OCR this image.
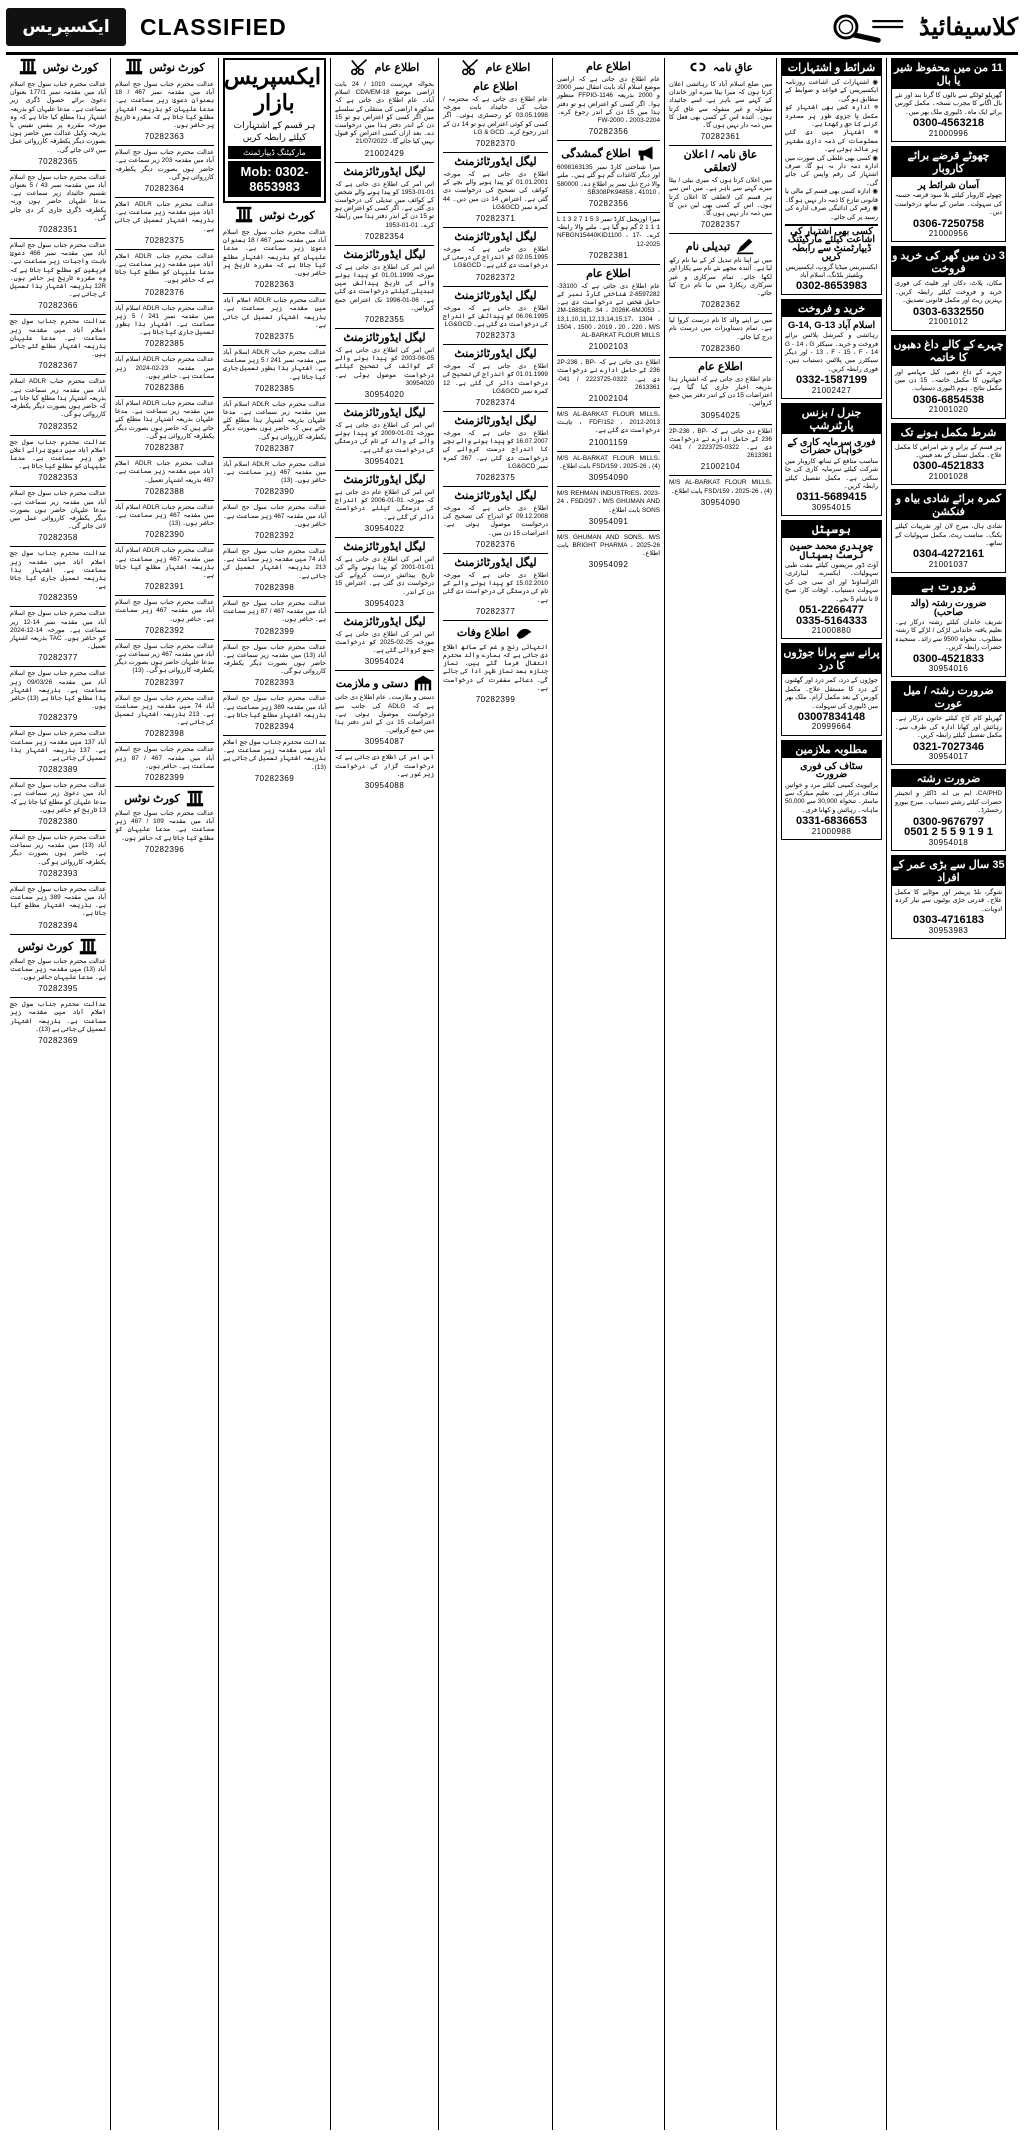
ایکسپریس CLASSIFIED	کلاسیفائیڈ
کورٹ نوٹس
عدالت محترم جناب سول جج اسلام آباد میں مقدمہ نمبر 177/1 بعنوان دعویٰ برائے حصول ڈگری زیر سماعت ہے۔ مدعا علیہان کو بذریعہ اشتہار ہذا مطلع کیا جاتا ہے کہ وہ مورخہ مقررہ پر بنفس نفیس یا بذریعہ وکیل عدالت میں حاضر ہوں بصورت دیگر یکطرفہ کارروائی عمل میں لائی جائے گی۔
70282365
عدالت محترم جناب سول جج اسلام آباد میں مقدمہ نمبر 43 / 5 بعنوان تقسیم جائیداد زیر سماعت ہے۔ مدعا علیہان حاضر ہوں ورنہ یکطرفہ ڈگری جاری کر دی جائے گی۔
70282351
عدالت محترم جناب سول جج اسلام آباد میں مقدمہ نمبر 466 دعویٰ بابت واجبات زیر سماعت ہے۔ فریقین کو مطلع کیا جاتا ہے کہ وہ مقررہ تاریخ پر حاضر ہوں۔ 12R بذریعہ اشتہار ہذا تعمیل کی جاتی ہے۔
70282366
عدالت محترم جناب سول جج اسلام آباد میں مقدمہ زیر سماعت ہے۔ مدعا علیہان بذریعہ اشتہار مطلع کئے جاتے ہیں۔
70282367
عدالت محترم جناب ADLR اسلام آباد میں مقدمہ زیر سماعت ہے۔ بذریعہ اشتہار ہذا مطلع کیا جاتا ہے کہ حاضر ہوں بصورت دیگر یکطرفہ کارروائی ہو گی۔
70282352
عدالت محترم جناب سول جج اسلام آباد میں دعویٰ برائے اعلانِ حق زیر سماعت ہے۔ مدعا علیہان کو مطلع کیا جاتا ہے۔
70282353
عدالت محترم جناب سول جج اسلام آباد میں مقدمہ زیر سماعت ہے۔ مدعا علیہان حاضر ہوں بصورت دیگر یکطرفہ کارروائی عمل میں لائی جائے گی۔
70282358
عدالت محترم جناب سول جج اسلام آباد میں مقدمہ زیر سماعت ہے۔ اشتہار ہذا بذریعہ تعمیل جاری کیا جاتا ہے۔
70282359
عدالت محترم جناب سول جج اسلام آباد میں مقدمہ نمبر 14-12 زیر سماعت ہے۔ مورخہ 14-12-2024 کو حاضر ہوں۔ TAC بذریعہ اشتہار تعمیل۔
70282377
عدالت محترم جناب سول جج اسلام آباد میں مقدمہ 09/03/26 زیر سماعت ہے۔ بذریعہ اشتہار ہذا مطلع کیا جاتا ہے (13) حاضر ہوں۔
70282379
عدالت محترم جناب سول جج اسلام آباد 137 میں مقدمہ زیر سماعت ہے۔ 137 بذریعہ اشتہار ہذا تعمیل کی جاتی ہے۔
70282389
عدالت محترم جناب سول جج اسلام آباد میں دعویٰ زیر سماعت ہے۔ مدعا علیہان کو مطلع کیا جاتا ہے کہ 13 تاریخ کو حاضر ہوں۔
70282380
عدالت محترم جناب سول جج اسلام آباد (13) میں مقدمہ زیر سماعت ہے۔ حاضر ہوں بصورت دیگر یکطرفہ کارروائی ہو گی۔
70282393
عدالت محترم جناب سول جج اسلام آباد میں مقدمہ 389 زیر سماعت ہے۔ بذریعہ اشتہار مطلع کیا جاتا ہے۔
70282394
کورٹ نوٹس
عدالت محترم جناب سول جج اسلام آباد (13) میں مقدمہ زیر سماعت ہے۔ مدعا علیہان حاضر ہوں۔
70282395
عدالت محترم جناب سول جج اسلام آباد میں مقدمہ زیر سماعت ہے۔ بذریعہ اشتہار تعمیل کی جاتی ہے (13)۔
70282369
کورٹ نوٹس
عدالت محترم جناب سول جج اسلام آباد میں مقدمہ نمبر 467 / 18 بعنوان دعویٰ زیر سماعت ہے۔ مدعا علیہان کو بذریعہ اشتہار مطلع کیا جاتا ہے کہ مقررہ تاریخ پر حاضر ہوں۔
70282363
عدالت محترم جناب سول جج اسلام آباد میں مقدمہ 203 زیر سماعت ہے۔ حاضر ہوں بصورت دیگر یکطرفہ کارروائی ہو گی۔
70282364
عدالت محترم جناب ADLR اسلام آباد میں مقدمہ زیر سماعت ہے۔ بذریعہ اشتہار تعمیل کی جاتی ہے۔
70282375
عدالت محترم جناب ADLR اسلام آباد میں مقدمہ زیر سماعت ہے۔ مدعا علیہان کو مطلع کیا جاتا ہے کہ حاضر ہوں۔
70282376
عدالت محترم جناب ADLR اسلام آباد میں مقدمہ نمبر 241 / 5 زیر سماعت ہے۔ اشتہار ہذا بطور تعمیل جاری کیا جاتا ہے۔
70282385
عدالت محترم جناب ADLR اسلام آباد میں مقدمہ 23-02-2024 زیر سماعت ہے۔ حاضر ہوں۔
70282386
عدالت محترم جناب ADLR اسلام آباد میں مقدمہ زیر سماعت ہے۔ مدعا علیہان بذریعہ اشتہار ہذا مطلع کئے جاتے ہیں کہ حاضر ہوں بصورت دیگر یکطرفہ کارروائی ہو گی۔
70282387
عدالت محترم جناب ADLR اسلام آباد میں مقدمہ زیر سماعت ہے۔ 467 بذریعہ اشتہار تعمیل۔
70282388
عدالت محترم جناب ADLR اسلام آباد میں مقدمہ 467 زیر سماعت ہے۔ حاضر ہوں۔ (13)
70282390
عدالت محترم جناب ADLR اسلام آباد میں مقدمہ 467 زیر سماعت ہے۔ بذریعہ اشتہار مطلع کیا جاتا ہے۔
70282391
عدالت محترم جناب سول جج اسلام آباد میں مقدمہ 467 زیر سماعت ہے۔ حاضر ہوں۔
70282392
عدالت محترم جناب سول جج اسلام آباد میں مقدمہ 467 زیر سماعت ہے۔ مدعا علیہان حاضر ہوں بصورت دیگر یکطرفہ کارروائی ہو گی۔ (13)
70282397
عدالت محترم جناب سول جج اسلام آباد 74 میں مقدمہ زیر سماعت ہے۔ 213 بذریعہ اشتہار تعمیل کی جاتی ہے۔
70282398
عدالت محترم جناب سول جج اسلام آباد میں مقدمہ 467 / 87 زیر سماعت ہے۔ حاضر ہوں۔
70282399
کورٹ نوٹس
عدالت محترم جناب سول جج اسلام آباد میں مقدمہ 109 / 467 زیر سماعت ہے۔ مدعا علیہان کو مطلع کیا جاتا ہے کہ حاضر ہوں۔
70282396
ایکسپریس بازار
ہر قسم کے اشتہارات کیلئے رابطہ کریں
مارکیٹنگ ڈیپارٹمنٹ
Mob: 0302-8653983
کورٹ نوٹس
عدالت محترم جناب سول جج اسلام آباد میں مقدمہ نمبر 467 / 18 بعنوان دعویٰ زیر سماعت ہے۔ مدعا علیہان کو بذریعہ اشتہار مطلع کیا جاتا ہے کہ مقررہ تاریخ پر حاضر ہوں۔
70282363
عدالت محترم جناب ADLR اسلام آباد میں مقدمہ زیر سماعت ہے۔ بذریعہ اشتہار تعمیل کی جاتی ہے۔
70282375
عدالت محترم جناب ADLR اسلام آباد میں مقدمہ نمبر 241 / 5 زیر سماعت ہے۔ اشتہار ہذا بطور تعمیل جاری کیا جاتا ہے۔
70282385
عدالت محترم جناب ADLR اسلام آباد میں مقدمہ زیر سماعت ہے۔ مدعا علیہان بذریعہ اشتہار ہذا مطلع کئے جاتے ہیں کہ حاضر ہوں بصورت دیگر یکطرفہ کارروائی ہو گی۔
70282387
عدالت محترم جناب ADLR اسلام آباد میں مقدمہ 467 زیر سماعت ہے۔ حاضر ہوں۔ (13)
70282390
عدالت محترم جناب سول جج اسلام آباد میں مقدمہ 467 زیر سماعت ہے۔ حاضر ہوں۔
70282392
عدالت محترم جناب سول جج اسلام آباد 74 میں مقدمہ زیر سماعت ہے۔ 213 بذریعہ اشتہار تعمیل کی جاتی ہے۔
70282398
عدالت محترم جناب سول جج اسلام آباد میں مقدمہ 467 / 87 زیر سماعت ہے۔ حاضر ہوں۔
70282399
عدالت محترم جناب سول جج اسلام آباد (13) میں مقدمہ زیر سماعت ہے۔ حاضر ہوں بصورت دیگر یکطرفہ کارروائی ہو گی۔
70282393
عدالت محترم جناب سول جج اسلام آباد میں مقدمہ 389 زیر سماعت ہے۔ بذریعہ اشتہار مطلع کیا جاتا ہے۔
70282394
عدالت محترم جناب سول جج اسلام آباد میں مقدمہ زیر سماعت ہے۔ بذریعہ اشتہار تعمیل کی جاتی ہے (13)۔
70282369
اطلاع عام
بحوالہ فہرست 1010 / 24 بابت اراضی موضع CDA/EM-18 اسلام آباد۔ عام اطلاع دی جاتی ہے کہ مذکورہ اراضی کی منتقلی کے سلسلے میں اگر کسی کو اعتراض ہو تو 15 دن کے اندر دفتر ہذا میں درخواست دے۔ بعد ازاں کسی اعتراض کو قبول نہیں کیا جائے گا۔ 21/07/2022
21002429
لیگل ایڈورٹائزمنٹ
اس امر کی اطلاع دی جاتی ہے کہ 01-01-1953 کو پیدا ہونے والے شخص کے کوائف میں تبدیلی کی درخواست دی گئی ہے۔ اگر کسی کو اعتراض ہو تو 15 دن کے اندر دفتر ہذا میں رابطہ کرے۔ 01-01-1953
70282354
لیگل ایڈورٹائزمنٹ
اس امر کی اطلاع دی جاتی ہے کہ مورخہ 01.01.1999 کو پیدا ہونے والے کی تاریخ پیدائش میں تبدیلی کیلئے درخواست دی گئی ہے۔ 06-01-1996 تک اعتراض جمع کروائیں۔
70282355
لیگل ایڈورٹائزمنٹ
اس امر کی اطلاع دی جاتی ہے کہ 05-06-2003 کو پیدا ہونے والے کے کوائف کی تصحیح کیلئے درخواست موصول ہوئی ہے۔ 30954020
30954020
لیگل ایڈورٹائزمنٹ
اس امر کی اطلاع دی جاتی ہے کہ مورخہ 01-01-2009 کو پیدا ہونے والے کے والد کے نام کی درستگی کی درخواست دی گئی ہے۔
30954021
لیگل ایڈورٹائزمنٹ
اس امر کی اطلاع عام دی جاتی ہے کہ مورخہ 01-01-2006 کو اندراج کی درستگی کیلئے درخواست دائر کی گئی ہے۔
30954022
لیگل ایڈورٹائزمنٹ
اس امر کی اطلاع دی جاتی ہے کہ 01-01-2001 کو پیدا ہونے والے کی تاریخ پیدائش درست کروانے کی درخواست دی گئی ہے۔ اعتراض 15 دن کے اندر۔
30954023
لیگل ایڈورٹائزمنٹ
اس امر کی اطلاع دی جاتی ہے کہ مورخہ 25-02-2025 کو درخواست جمع کروائی گئی ہے۔
30954024
دستی و ملازمت
دستی و ملازمت۔ عام اطلاع دی جاتی ہے کہ ADLG کی جانب سے درخواست موصول ہوئی ہے۔ اعتراضات 15 دن کے اندر دفتر ہذا میں جمع کروائیں۔
30954087
اس امر کی اطلاع دی جاتی ہے کہ درخواست گزار کی درخواست زیر غور ہے۔
30954088
اطلاع عام
اطلاع عام
عام اطلاع دی جاتی ہے کہ محترمہ / جناب کی جائیداد بابت مورخہ 03.05.1998 کو رجسٹری ہوئی۔ اگر کسی کو کوئی اعتراض ہو تو 14 دن کے اندر رجوع کرے۔ LG & GCD
70282370
لیگل ایڈورٹائزمنٹ
اطلاع دی جاتی ہے کہ مورخہ 01.01.2001 کو پیدا ہونے والے بچے کے کوائف کی تصحیح کی درخواست دی گئی ہے۔ اعتراض 14 دن میں دیں۔ 44 کمرہ نمبر LG&GCD
70282371
لیگل ایڈورٹائزمنٹ
اطلاع دی جاتی ہے کہ مورخہ 02.05.1995 کو اندراج کی درستی کی درخواست دی گئی ہے۔ LG&GCD
70282372
لیگل ایڈورٹائزمنٹ
اطلاع دی جاتی ہے کہ مورخہ 06.06.1995 کو پیدائش کے اندراج کی درخواست دی گئی ہے۔ LG&GCD
70282373
لیگل ایڈورٹائزمنٹ
اطلاع دی جاتی ہے کہ مورخہ 01.01.1999 کو اندراج کی تصحیح کی درخواست دائر کی گئی ہے۔ 12 کمرہ نمبر LG&GCD
70282374
لیگل ایڈورٹائزمنٹ
اطلاع دی جاتی ہے کہ مورخہ 16.07.2007 کو پیدا ہونے والے بچے کا اندراج درست کروانے کی درخواست دی گئی ہے۔ 267 کمرہ نمبر LG&GCD
70282375
لیگل ایڈورٹائزمنٹ
اطلاع دی جاتی ہے کہ مورخہ 09.12.2008 کو اندراج کی تصحیح کی درخواست موصول ہوئی ہے۔ اعتراضات 15 دن میں۔
70282376
لیگل ایڈورٹائزمنٹ
اطلاع دی جاتی ہے کہ مورخہ 15.02.2010 کو پیدا ہونے والے کے نام کی درستگی کی درخواست دی گئی ہے۔
70282377
اطلاع وفات
انتہائی رنج و غم کے ساتھ اطلاع دی جاتی ہے کہ ہمارے والد محترم انتقال فرما گئے ہیں۔ نماز جنازہ بعد نماز ظہر ادا کی جائے گی۔ دعائے مغفرت کی درخواست ہے۔
70282399
اطلاع عام
عام اطلاع دی جاتی ہے کہ اراضی موضع اسلام آباد بابت انتقال نمبر 2000 و 2000 بذریعہ FFPIG-1146 منظور ہوا۔ اگر کسی کو اعتراض ہو تو دفتر ہذا میں 15 دن کے اندر رجوع کرے۔ 2204-FW-2000 ، 2003
70282356
اطلاع گمشدگی
میرا شناختی کارڈ نمبر 6098163135 اور دیگر کاغذات گم ہو گئے ہیں۔ ملنے والا درج ذیل نمبر پر اطلاع دے۔ 580000 ، 41010 ، SB308PK94858
70282356
میرا اوریجنل کارڈ نمبر L 1 3 2 7 1 5 3 2 1 1 1 گم ہو گیا ہے۔ ملنے والا رابطہ کرے۔ NFBGN15440KID1100 ، 17-12-2025
70282381
اطلاع عام
عام اطلاع دی جاتی ہے کہ 33100-8597282-2 شناختی کارڈ نمبر کے حامل شخص نے درخواست دی ہے۔ 2M-188Sqft، 34 ، 2026K-6MJ053 ، 13,1,10,11,12,13,14,15,17، 1304 ، 1504 ، 1500 ، 2019 ، 20 ، 220 ، M/S AL-BARKAT FLOUR MILLS
21002103
اطلاع دی جاتی ہے کہ 2P-236 ، BP-236 کے حامل ادارے نے درخواست دی ہے۔ 0322-2223725 / 041-2613361
21002104
M/S AL-BARKAT FLOUR MILLS، FDF/152 ، 2012-2013 ، بابت درخواست دی گئی ہے۔
21001159
M/S AL-BARKAT FLOUR MILLS، FSD/159 ، 2025-26 ، (4) بابت اطلاع۔
30954090
M/S REHMAN INDUSTRIES، 2023-24 ، FSD/297 ، M/S GHUMAN AND SONS بابت اطلاع۔
30954091
M/S GHUMAN AND SONS، M/S BRIGHT PHARMA ، 2025-26 بابت اطلاع۔
30954092
عاقِ نامہ
میں ضلع اسلام آباد کا رہائشی اعلان کرتا ہوں کہ میرا بیٹا میرے اور خاندان کے کہنے سے باہر ہے، اسے جائیداد منقولہ و غیر منقولہ سے عاق کرتا ہوں۔ آئندہ اس کے کسی بھی فعل کا میں ذمہ دار نہیں ہوں گا۔
70282361
عاق نامہ / اعلان لاتعلقی
میں اعلان کرتا ہوں کہ میری بیٹی / بیٹا میرے کہنے سے باہر ہے۔ میں اس سے ہر قسم کی لاتعلقی کا اعلان کرتا ہوں۔ اس کے کسی بھی لین دین کا میں ذمہ دار نہیں ہوں گا۔
70282357
تبدیلی نام
میں نے اپنا نام تبدیل کر کے نیا نام رکھ لیا ہے۔ آئندہ مجھے نئے نام سے پکارا اور لکھا جائے۔ تمام سرکاری و غیر سرکاری ریکارڈ میں نیا نام درج کیا جائے۔
70282362
میں نے اپنے والد کا نام درست کروا لیا ہے۔ تمام دستاویزات میں درست نام درج کیا جائے۔
70282360
اطلاع عام
عام اطلاع دی جاتی ہے کہ اشتہار ہذا بذریعہ اخبار جاری کیا گیا ہے۔ اعتراضات 15 دن کے اندر دفتر میں جمع کروائیں۔
30954025
اطلاع دی جاتی ہے کہ 2P-236 ، BP-236 کے حامل ادارے نے درخواست دی ہے۔ 0322-2223725 / 041-2613361
21002104
M/S AL-BARKAT FLOUR MILLS، FSD/159 ، 2025-26 ، (4) بابت اطلاع۔
30954090
شرائط و اشتہارات
◉ اشتہارات کی اشاعت روزنامہ ایکسپریس کے قواعد و ضوابط کے مطابق ہو گی۔
◉ ادارہ کسی بھی اشتہار کو مکمل یا جزوی طور پر مسترد کرنے کا حق رکھتا ہے۔
◉ اشتہار میں دی گئی معلومات کی ذمہ داری مشتہر پر عائد ہوتی ہے۔
◉ کسی بھی غلطی کی صورت میں ادارہ ذمہ دار نہ ہو گا، صرف اشتہار کی رقم واپس کی جائے گی۔
◉ ادارہ کسی بھی قسم کے مالی یا قانونی تنازع کا ذمہ دار نہیں ہو گا۔
◉ رقم کی ادائیگی صرف ادارہ کی رسید پر کی جائے۔
کسی بھی اشتہار کی اشاعت کیلئے مارکیٹنگ ڈیپارٹمنٹ سے رابطہ کریں
ایکسپریس میڈیا گروپ، ایکسپریس ویلفیئر بلڈنگ، اسلام آباد
0302-8653983
خرید و فروخت
اسلام آباد G-14, G-13
رہائشی و کمرشل پلاٹس برائے فروخت و خرید۔ سیکٹر G - 14 ، G - 13 ، F - 15 ، F - 14 اور دیگر سیکٹرز میں پلاٹس دستیاب ہیں۔ فوری رابطہ کریں۔
0332-1587199
21002427
جنرل / بزنس پارٹنرشپ
فوری سرمایہ کاری کے خواہاں حضرات
مناسب منافع کے ساتھ کاروبار میں شرکت کیلئے سرمایہ کاری کی جا سکتی ہے۔ مکمل تفصیل کیلئے رابطہ کریں۔
0311-5689415
30954015
ہوسپٹل
چوہدری محمد حسین ٹرسٹ ہسپتال
آؤٹ ڈور مریضوں کیلئے مفت طبی سہولیات۔ ایکسرے، لیبارٹری، الٹراساؤنڈ اور ای سی جی کی سہولت دستیاب۔ اوقات کار: صبح 9 تا شام 5 بجے۔
051-2266477
0335-5164333
21000880
پرانے سے پرانا جوڑوں کا درد
جوڑوں کے درد، کمر درد اور گھٹنوں کے درد کا مستقل علاج۔ مکمل کورس کے بعد مکمل آرام۔ ملک بھر میں ڈلیوری کی سہولت۔
03007834148
20999664
مطلوبہ ملازمین
سٹاف کی فوری ضرورت
پرائیویٹ کمپنی کیلئے مرد و خواتین سٹاف درکار ہے۔ تعلیم میٹرک سے ماسٹر۔ تنخواہ 30,000 سے 50,000 ماہانہ۔ رہائش و کھانا فری۔
0331-6836653
21000988
11 من میں محفوظ شیر یا بال
گھریلو ٹوٹکے سے بالوں کا گرنا بند اور نئے بال اگانے کا مجرب نسخہ۔ مکمل کورس برائے ایک ماہ۔ ڈلیوری ملک بھر میں۔
0300-4563218
21000996
چھوٹے قرضے برائے کاروبار
آسان شرائط پر
چھوٹے کاروبار کیلئے بلا سود قرضہ حسنہ کی سہولت۔ ضامن کے ساتھ درخواست دیں۔
0306-7250758
21000956
3 دن میں گھر کی خرید و فروخت
مکان، پلاٹ، دکان اور فلیٹ کی فوری خرید و فروخت کیلئے رابطہ کریں۔ بہترین ریٹ اور مکمل قانونی تصدیق۔
0303-6332550
21001012
چہرے کے کالے داغ دھبوں کا خاتمہ
چہرے کے داغ دھبے، کیل مہاسے اور جھائیوں کا مکمل خاتمہ۔ 15 دن میں مکمل نتائج۔ ہوم ڈلیوری دستیاب۔
0306-6854538
21001020
شرط مکمل ہونے تک
ہر قسم کے پرانے و نئے امراض کا مکمل علاج۔ مکمل تسلی کے بعد فیس۔
0300-4521833
21001028
کمرہ برائے شادی بیاہ و فنکشن
شادی ہال، میرج لان اور تقریبات کیلئے بکنگ۔ مناسب ریٹ، مکمل سہولیات کے ساتھ۔
0304-4272161
21001037
ضرورت ہے
ضرورت رشتہ (والد صاحب)
شریف خاندان کیلئے رشتہ درکار ہے۔ تعلیم یافتہ خاندانی لڑکی / لڑکے کا رشتہ مطلوب۔ تنخواہ 9500 سے زائد۔ سنجیدہ حضرات رابطہ کریں۔
0300-4521833
30954016
ضرورت رشتہ / میل عورت
گھریلو کام کاج کیلئے خاتون درکار ہے۔ رہائش اور کھانا ادارہ کی طرف سے۔ مکمل تفصیل کیلئے رابطہ کریں۔
0321-7027346
30954017
ضرورت رشتہ
CA/PHD، ایم بی اے، ڈاکٹر و انجینئر حضرات کیلئے رشتے دستیاب۔ میرج بیورو رجسٹرڈ۔
0300-9676797
0501 2 5 5 9 1 9 1
30954018
35 سال سے بڑی عمر کے افراد
شوگر، بلڈ پریشر اور موٹاپے کا مکمل علاج۔ قدرتی جڑی بوٹیوں سے تیار کردہ ادویات۔
0303-4716183
30953983
